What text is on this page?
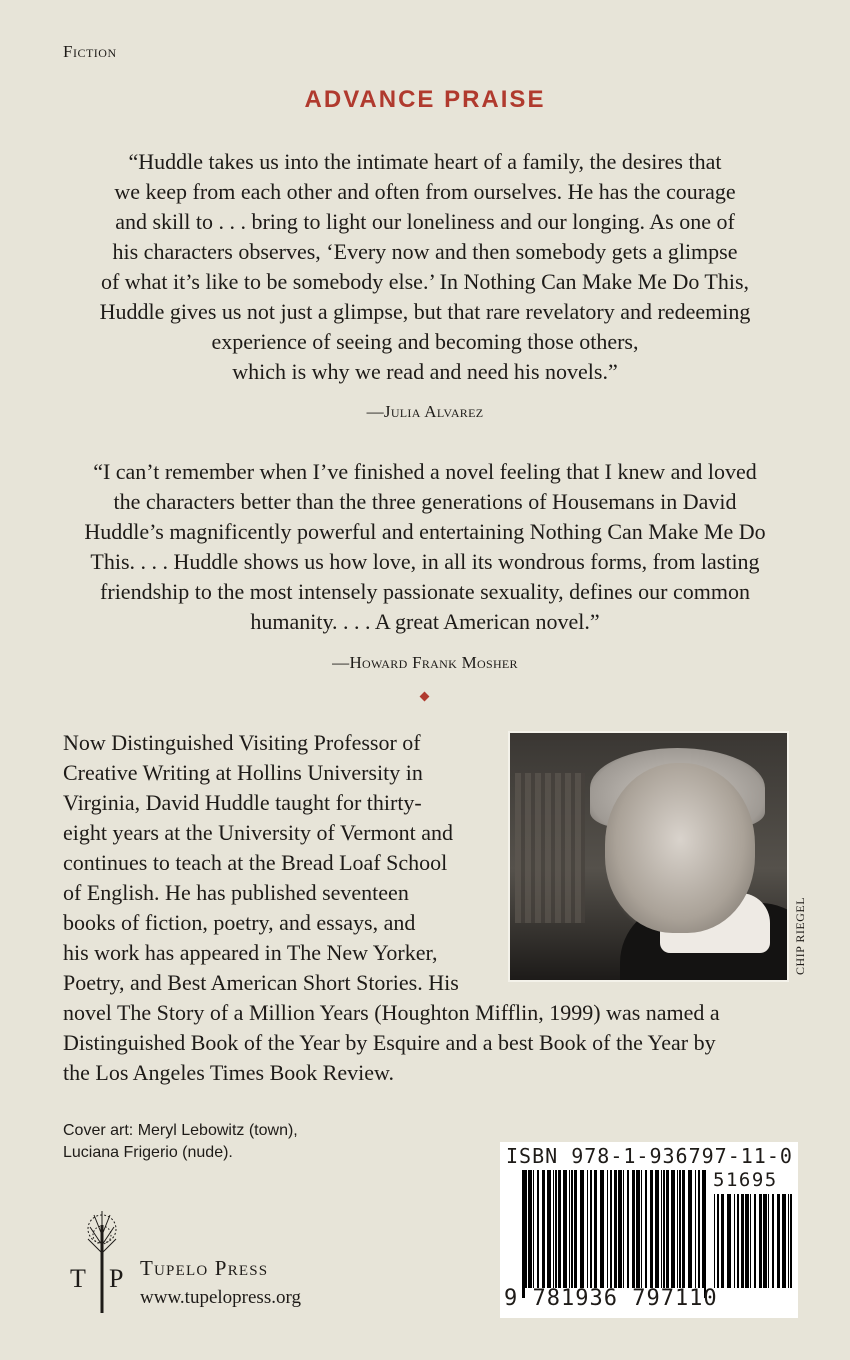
Fiction
ADVANCE PRAISE
“Huddle takes us into the intimate heart of a family, the desires that
we keep from each other and often from ourselves. He has the courage
and skill to . . . bring to light our loneliness and our longing. As one of
his characters observes, ‘Every now and then somebody gets a glimpse
of what it’s like to be somebody else.’ In Nothing Can Make Me Do This,
Huddle gives us not just a glimpse, but that rare revelatory and redeeming
experience of seeing and becoming those others,
which is why we read and need his novels.”
—Julia Alvarez
“I can’t remember when I’ve finished a novel feeling that I knew and loved
the characters better than the three generations of Housemans in David
Huddle’s magnificently powerful and entertaining Nothing Can Make Me Do
This. . . . Huddle shows us how love, in all its wondrous forms, from lasting
friendship to the most intensely passionate sexuality, defines our common
humanity. . . . A great American novel.”
—Howard Frank Mosher
CHIP RIEGEL
Now Distinguished Visiting Professor of
Creative Writing at Hollins University in
Virginia, David Huddle taught for thirty-
eight years at the University of Vermont and
continues to teach at the Bread Loaf School
of English. He has published seventeen
books of fiction, poetry, and essays, and
his work has appeared in The New Yorker,
Poetry, and Best American Short Stories. His
novel The Story of a Million Years (Houghton Mifflin, 1999) was named a
Distinguished Book of the Year by Esquire and a best Book of the Year by
the Los Angeles Times Book Review.
Cover art: Meryl Lebowitz (town),
Luciana Frigerio (nude).
T P Tupelo Press
www.tupelopress.org
ISBN 978-1-936797-11-0
51695
9 781936 797110
